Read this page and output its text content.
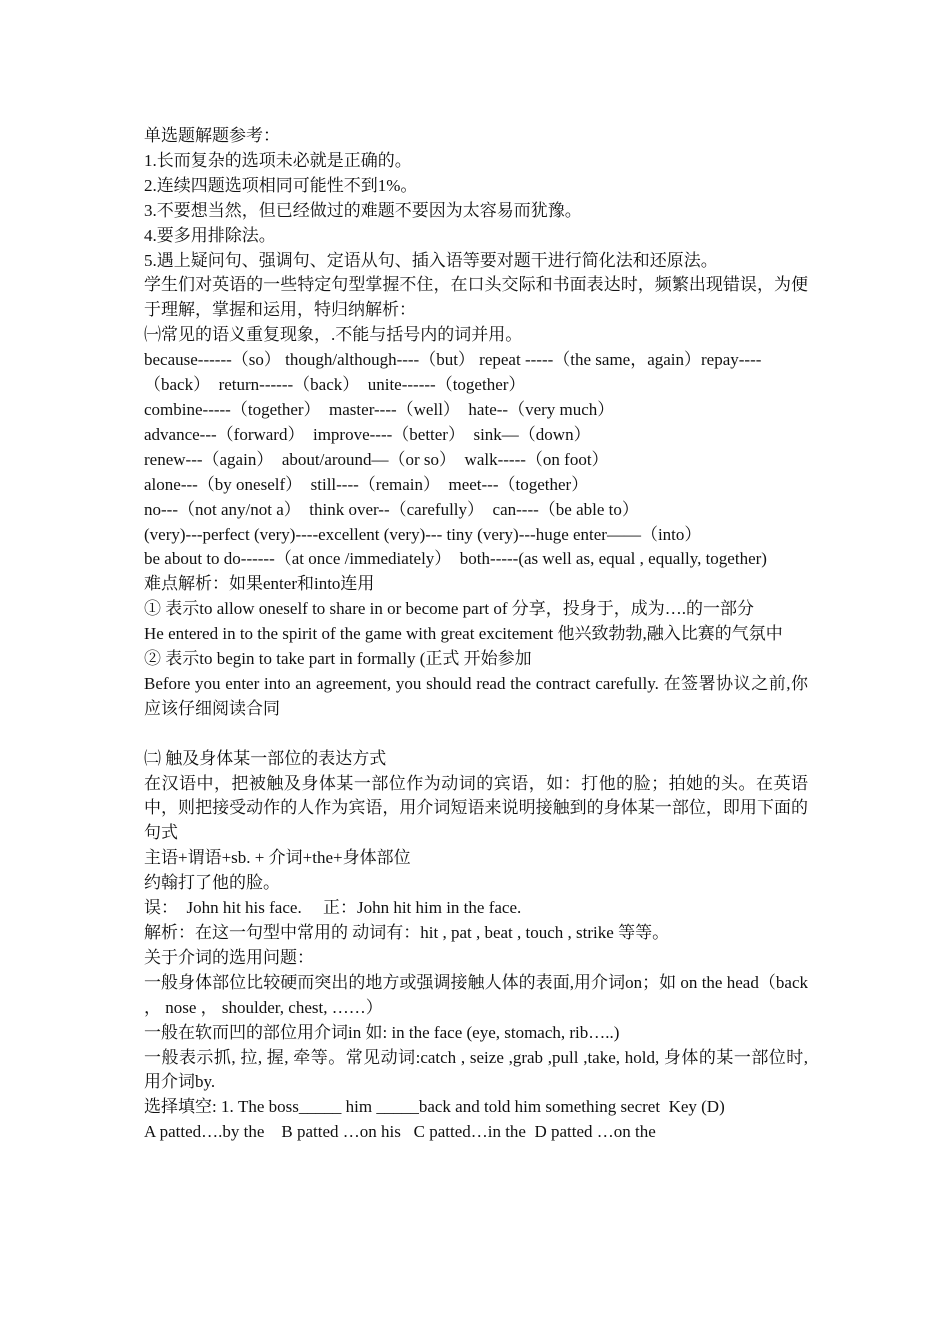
单选题解题参考：
1.长而复杂的选项未必就是正确的。
2.连续四题选项相同可能性不到1%。
3.不要想当然，但已经做过的难题不要因为太容易而犹豫。
4.要多用排除法。
5.遇上疑问句、强调句、定语从句、插入语等要对题干进行简化法和还原法。
学生们对英语的一些特定句型掌握不住，在口头交际和书面表达时，频繁出现错误，为便于理解，掌握和运用，特归纳解析：
㈠常见的语义重复现象，.不能与括号内的词并用。
because------（so） though/although----（but） repeat -----（the same，again）repay----（back）  return------（back）  unite------（together）
combine-----（together）  master----（well）  hate--（very much）
advance---（forward）  improve----（better）  sink—（down）
renew---（again）  about/around—（or so）  walk-----（on foot）
alone---（by oneself）  still----（remain）  meet---（together）
no---（not any/not a）  think over--（carefully）  can----（be able to）
(very)---perfect (very)----excellent (very)--- tiny (very)---huge enter——（into）
be about to do------（at once /immediately）  both-----(as well as, equal , equally, together)
难点解析：如果enter和into连用
① 表示to allow oneself to share in or become part of 分享，投身于，成为….的一部分
He entered in to the spirit of the game with great excitement 他兴致勃勃,融入比赛的气氛中
② 表示to begin to take part in formally (正式 开始参加
Before you enter into an agreement, you should read the contract carefully. 在签署协议之前,你应该仔细阅读合同
㈡ 触及身体某一部位的表达方式
在汉语中，把被触及身体某一部位作为动词的宾语，如：打他的脸；拍她的头。在英语中，则把接受动作的人作为宾语，用介词短语来说明接触到的身体某一部位，即用下面的句式
主语+谓语+sb. + 介词+the+身体部位
约翰打了他的脸。
误：  John hit his face.     正：John hit him in the face.
解析：在这一句型中常用的 动词有：hit , pat , beat , touch , strike 等等。
关于介词的选用问题：
一般身体部位比较硬而突出的地方或强调接触人体的表面,用介词on；如 on the head（back ， nose ， shoulder, chest, ……）
一般在软而凹的部位用介词in 如: in the face (eye, stomach, rib…..)
一般表示抓, 拉, 握, 牵等。常见动词:catch , seize ,grab ,pull ,take, hold, 身体的某一部位时,用介词by.
选择填空: 1. The boss_____ him _____back and told him something secret  Key (D)
A patted….by the    B patted …on his   C patted…in the  D patted …on the
